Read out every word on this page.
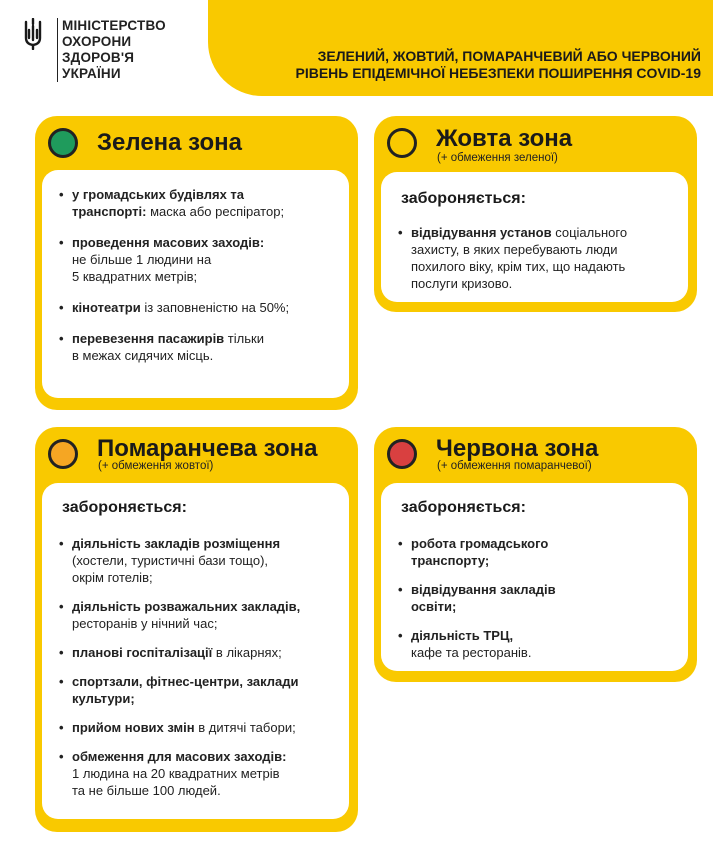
МІНІСТЕРСТВО
ОХОРОНИ
ЗДОРОВ'Я
УКРАЇНИ
ЗЕЛЕНИЙ, ЖОВТИЙ, ПОМАРАНЧЕВИЙ АБО ЧЕРВОНИЙ
РІВЕНЬ ЕПІДЕМІЧНОЇ НЕБЕЗПЕКИ ПОШИРЕННЯ COVID-19
Зелена зона
• у громадських будівлях та
транспорті: маска або респіратор;
• проведення масових заходів:
не більше 1 людини на
5 квадратних метрів;
• кінотеатри із заповненістю на 50%;
• перевезення пасажирів тільки
в межах сидячих місць.
Жовта зона
(+ обмеження зеленої)
забороняється:
• відвідування установ соціального
захисту, в яких перебувають люди
похилого віку, крім тих, що надають
послуги кризово.
Помаранчева зона
(+ обмеження жовтої)
забороняється:
• діяльність закладів розміщення
(хостели, туристичні бази тощо),
окрім готелів;
• діяльність розважальних закладів,
ресторанів у нічний час;
• планові госпіталізації в лікарнях;
• спортзали, фітнес-центри, заклади
культури;
• прийом нових змін в дитячі табори;
• обмеження для масових заходів:
1 людина на 20 квадратних метрів
та не більше 100 людей.
Червона зона
(+ обмеження помаранчевої)
забороняється:
• робота громадського
транспорту;
• відвідування закладів
освіти;
• діяльність ТРЦ,
кафе та ресторанів.
